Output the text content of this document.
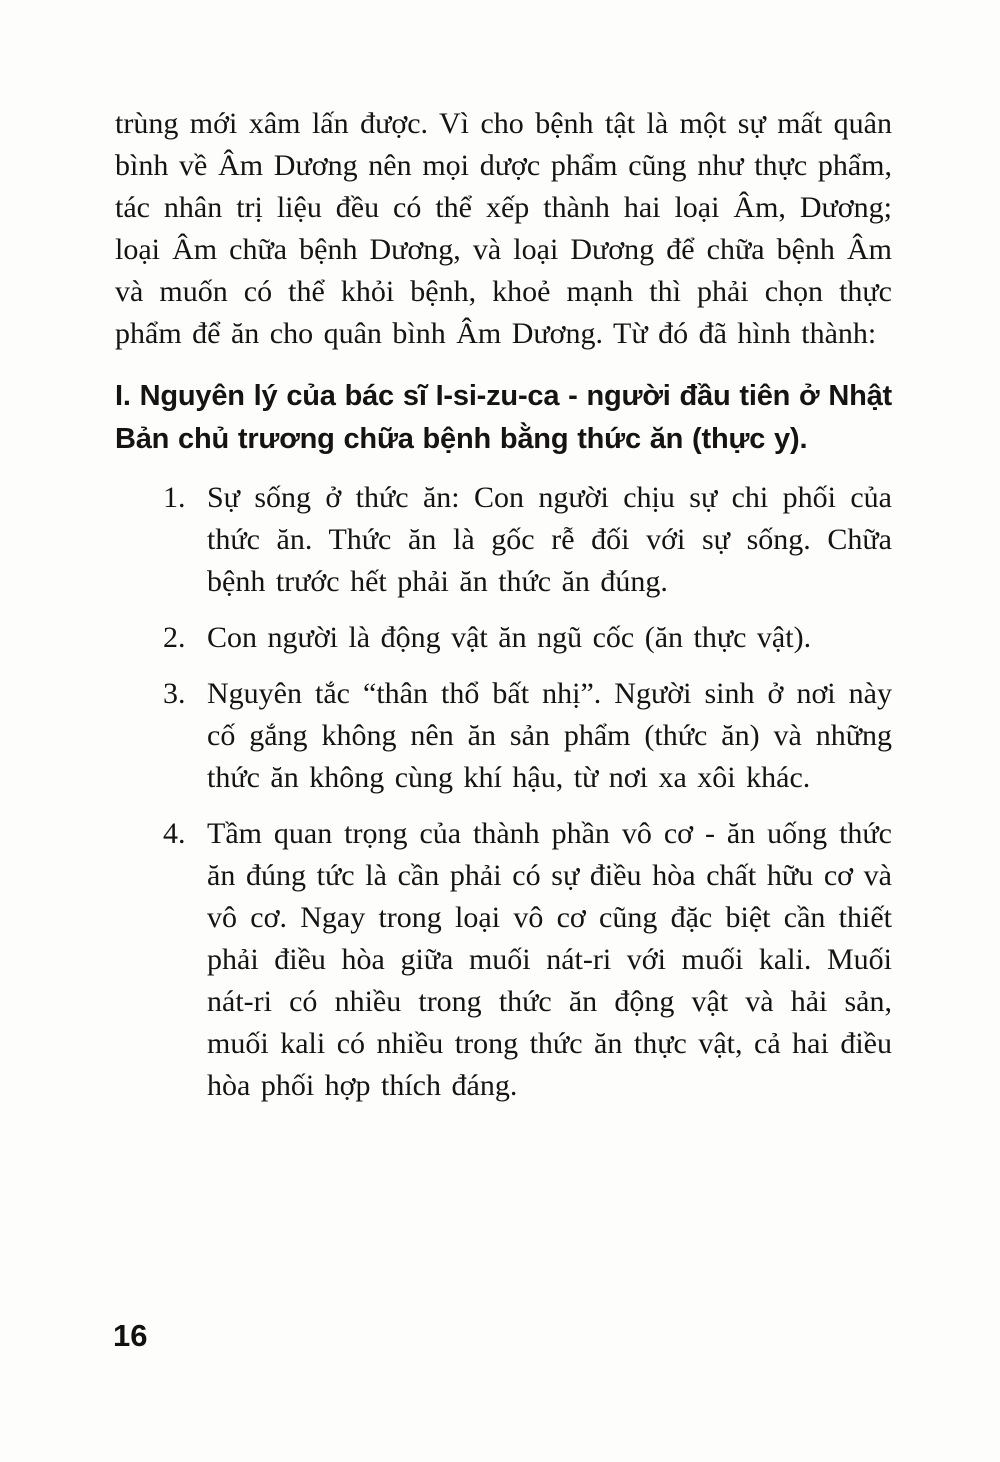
trùng mới xâm lấn được. Vì cho bệnh tật là một sự mất quân bình về Âm Dương nên mọi dược phẩm cũng như thực phẩm, tác nhân trị liệu đều có thể xếp thành hai loại Âm, Dương; loại Âm chữa bệnh Dương, và loại Dương để chữa bệnh Âm và muốn có thể khỏi bệnh, khoẻ mạnh thì phải chọn thực phẩm để ăn cho quân bình Âm Dương. Từ đó đã hình thành:

I. Nguyên lý của bác sĩ I-si-zu-ca - người đầu tiên ở Nhật Bản chủ trương chữa bệnh bằng thức ăn (thực y).
1. Sự sống ở thức ăn: Con người chịu sự chi phối của thức ăn. Thức ăn là gốc rễ đối với sự sống. Chữa bệnh trước hết phải ăn thức ăn đúng.
2. Con người là động vật ăn ngũ cốc (ăn thực vật).
3. Nguyên tắc “thân thổ bất nhị”. Người sinh ở nơi này cố gắng không nên ăn sản phẩm (thức ăn) và những thức ăn không cùng khí hậu, từ nơi xa xôi khác.
4. Tầm quan trọng của thành phần vô cơ - ăn uống thức ăn đúng tức là cần phải có sự điều hòa chất hữu cơ và vô cơ. Ngay trong loại vô cơ cũng đặc biệt cần thiết phải điều hòa giữa muối nát-ri với muối kali. Muối nát-ri có nhiều trong thức ăn động vật và hải sản, muối kali có nhiều trong thức ăn thực vật, cả hai điều hòa phối hợp thích đáng.
16
